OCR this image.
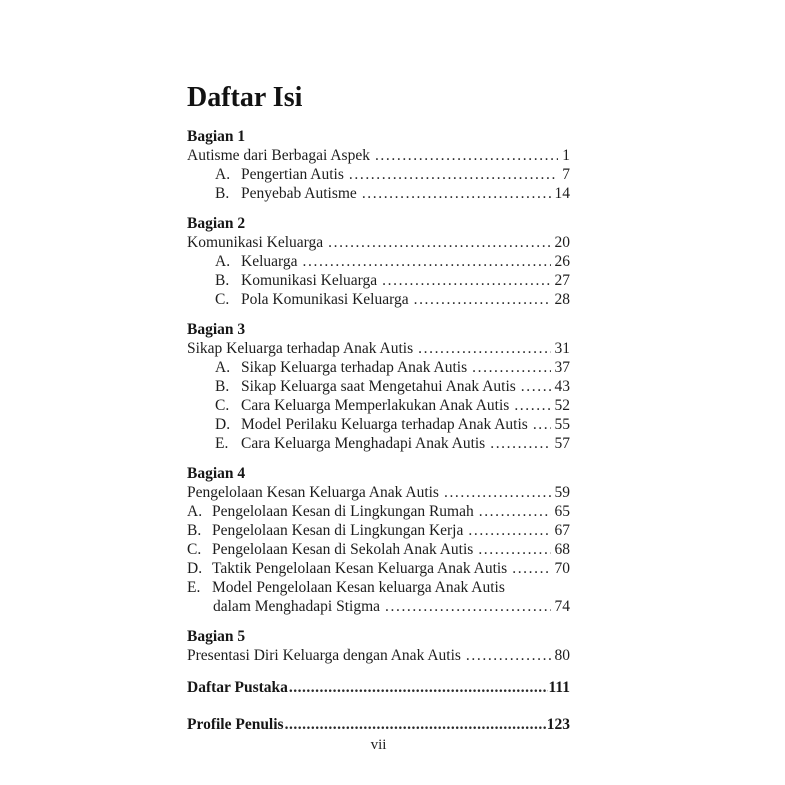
Daftar Isi
Bagian 1
Autisme dari Berbagai Aspek .....	1
A. Pengertian Autis .....	7
B. Penyebab Autisme .....	14
Bagian 2
Komunikasi Keluarga .....	20
A. Keluarga .....	26
B. Komunikasi Keluarga .....	27
C. Pola Komunikasi Keluarga .....	28
Bagian 3
Sikap Keluarga terhadap Anak Autis .....	31
A. Sikap Keluarga terhadap Anak Autis .....	37
B. Sikap Keluarga saat Mengetahui Anak Autis ..... 43
C. Cara Keluarga Memperlakukan Anak Autis .....	52
D. Model Perilaku Keluarga terhadap Anak Autis ..... 55
E. Cara Keluarga Menghadapi Anak Autis .....	57
Bagian 4
Pengelolaan Kesan Keluarga Anak Autis .....	59
A. Pengelolaan Kesan di Lingkungan Rumah .....	65
B. Pengelolaan Kesan di Lingkungan Kerja .....	67
C. Pengelolaan Kesan di Sekolah Anak Autis .....	68
D. Taktik Pengelolaan Kesan Keluarga Anak Autis .....	70
E. Model Pengelolaan Kesan keluarga Anak Autis
dalam Menghadapi Stigma .....	74
Bagian 5
Presentasi Diri Keluarga dengan Anak Autis .....	80
Daftar Pustaka .....	111
Profile Penulis .....	123
vii
